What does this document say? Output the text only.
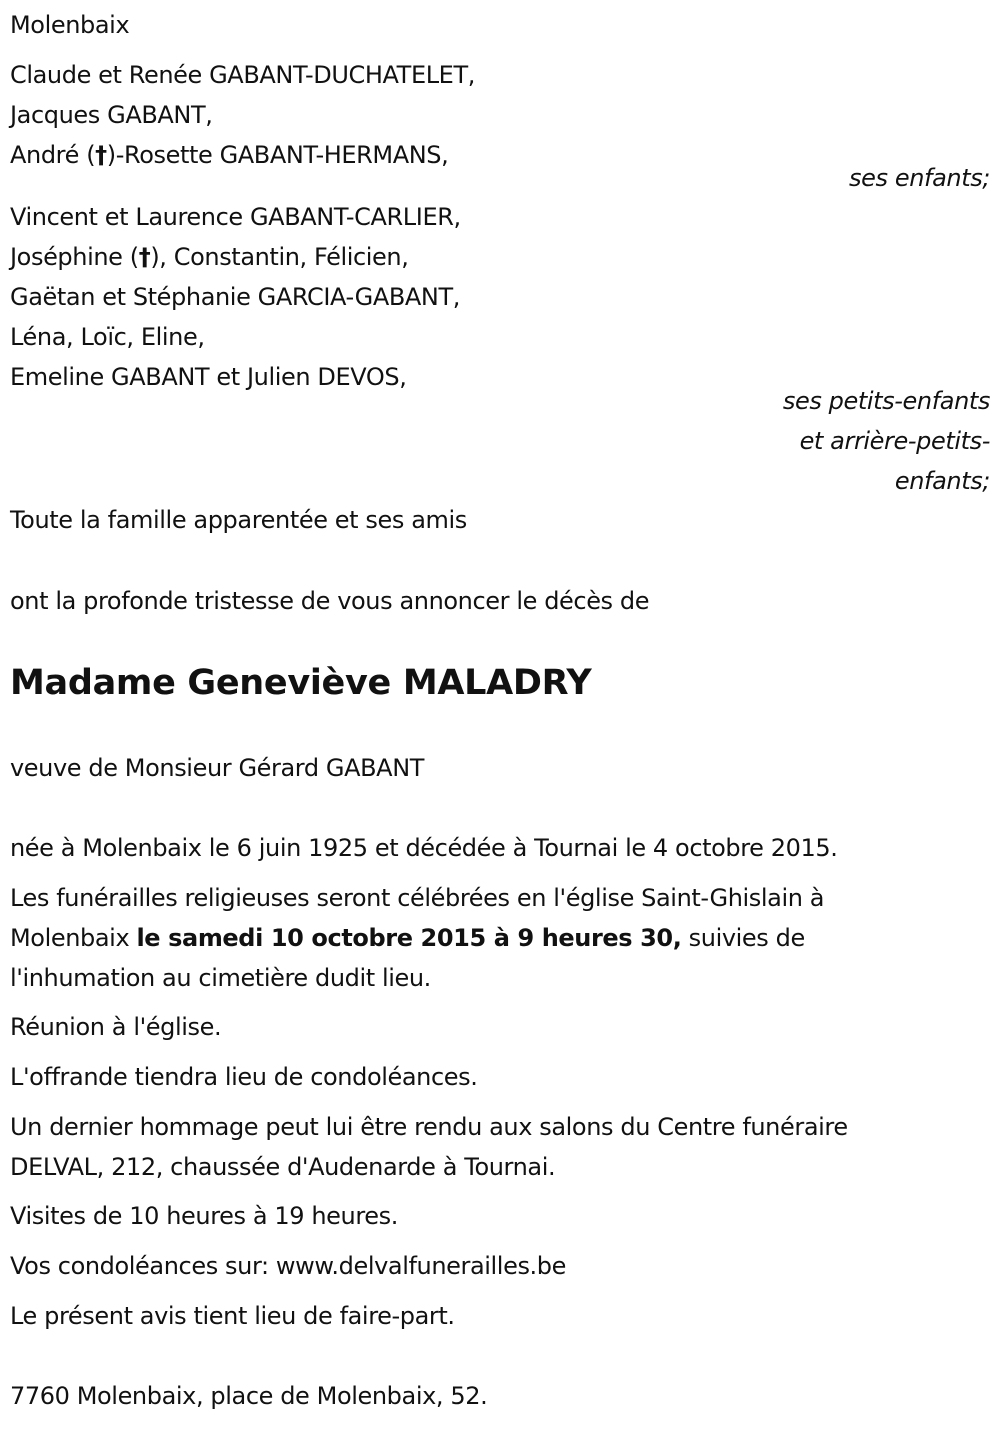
Molenbaix
Claude et Renée GABANT-DUCHATELET,
Jacques GABANT,
André (†)-Rosette GABANT-HERMANS,
ses enfants;
Vincent et Laurence GABANT-CARLIER,
Joséphine (†), Constantin, Félicien,
Gaëtan et Stéphanie GARCIA-GABANT,
Léna, Loïc, Eline,
Emeline GABANT et Julien DEVOS,
ses petits-enfants
et arrière-petits-
enfants;
Toute la famille apparentée et ses amis
ont la profonde tristesse de vous annoncer le décès de
Madame Geneviève MALADRY
veuve de Monsieur Gérard GABANT
née à Molenbaix le 6 juin 1925 et décédée à Tournai le 4 octobre 2015.
Les funérailles religieuses seront célébrées en l'église Saint-Ghislain à
Molenbaix le samedi 10 octobre 2015 à 9 heures 30, suivies de
l'inhumation au cimetière dudit lieu.
Réunion à l'église.
L'offrande tiendra lieu de condoléances.
Un dernier hommage peut lui être rendu aux salons du Centre funéraire
DELVAL, 212, chaussée d'Audenarde à Tournai.
Visites de 10 heures à 19 heures.
Vos condoléances sur: www.delvalfunerailles.be
Le présent avis tient lieu de faire-part.
7760 Molenbaix, place de Molenbaix, 52.
